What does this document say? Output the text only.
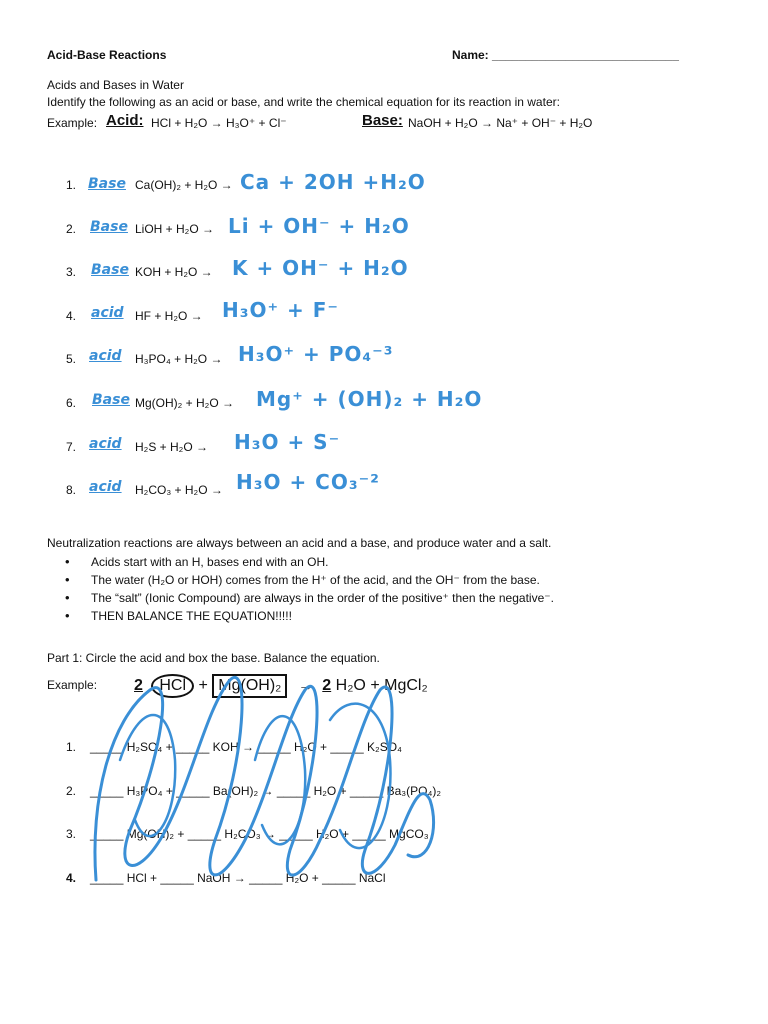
Acid-Base Reactions	Name: ____________________________
Acids and Bases in Water
Identify the following as an acid or base, and write the chemical equation for its reaction in water:
Example: Acid: HCl + H₂O → H₃O⁺ + Cl⁻	Base: NaOH + H₂O → Na⁺ + OH⁻ + H₂O
1. Base Ca(OH)₂ + H₂O → Ca + 2OH +H₂O
2. Base LiOH + H₂O → Li + OH⁻ + H₂O
3. Base KOH + H₂O → K + OH⁻ + H₂O
4. acid HF + H₂O → H₃O⁺ + F⁻
5. acid H₃PO₄ + H₂O → H₃O⁺ + PO₄⁻³
6. Base Mg(OH)₂ + H₂O → Mg⁺ + (OH)₂ + H₂O
7. acid H₂S + H₂O → H₃O + S⁻
8. acid H₂CO₃ + H₂O → H₃O + CO₃⁻²
Neutralization reactions are always between an acid and a base, and produce water and a salt.
• Acids start with an H, bases end with an OH.
• The water (H₂O or HOH) comes from the H⁺ of the acid, and the OH⁻ from the base.
• The “salt” (Ionic Compound) are always in the order of the positive⁺ then the negative⁻.
• THEN BALANCE THE EQUATION!!!!!
Part 1: Circle the acid and box the base. Balance the equation.
Example: 2 HCl + Mg(OH)₂ → 2 H₂O + MgCl₂
1. _____ H₂SO₄ + _____ KOH → _____ H₂O + _____ K₂SO₄
2. _____ H₃PO₄ + _____ Ba(OH)₂ → _____ H₂O + _____ Ba₃(PO₄)₂
3. _____ Mg(OH)₂ + _____ H₂CO₃ → _____ H₂O + _____ MgCO₃
4. _____ HCl + _____ NaOH → _____ H₂O + _____ NaCl
